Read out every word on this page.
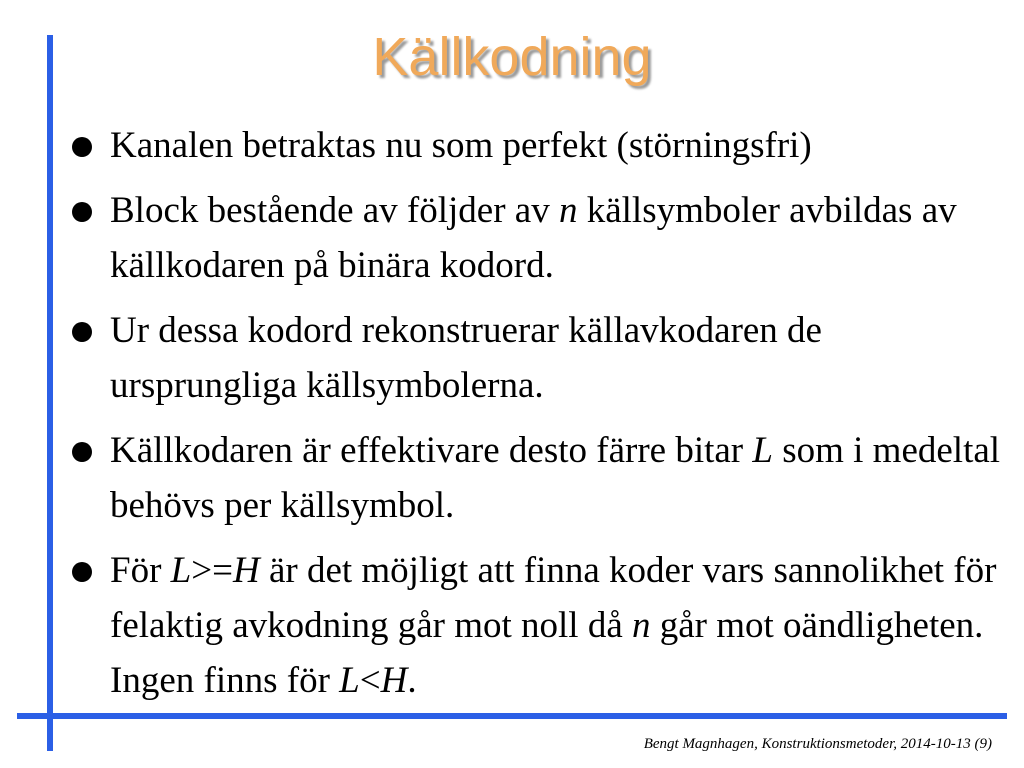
Källkodning
Kanalen betraktas nu som perfekt (störningsfri)
Block bestående av följder av n källsymboler avbildas av källkodaren på binära kodord.
Ur dessa kodord rekonstruerar källavkodaren de ursprungliga källsymbolerna.
Källkodaren är effektivare desto färre bitar L som i medeltal behövs per källsymbol.
För L>=H är det möjligt att finna koder vars sannolikhet för felaktig avkodning går mot noll då n går mot oändligheten. Ingen finns för L<H.
Bengt Magnhagen, Konstruktionsmetoder, 2014-10-13 (9)
